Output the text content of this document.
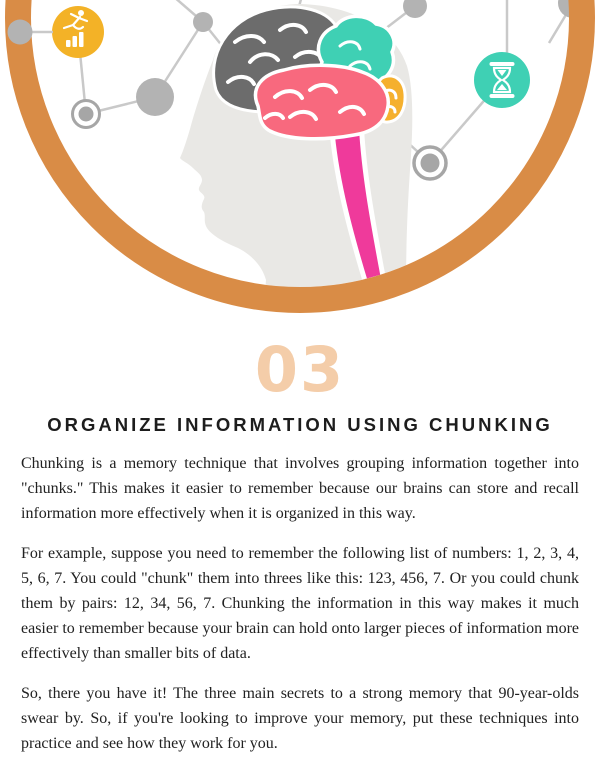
03
ORGANIZE INFORMATION USING CHUNKING

Chunking is a memory technique that involves grouping information together into "chunks." This makes it easier to remember because our brains can store and recall information more effectively when it is organized in this way.

For example, suppose you need to remember the following list of numbers: 1, 2, 3, 4, 5, 6, 7. You could "chunk" them into threes like this: 123, 456, 7. Or you could chunk them by pairs: 12, 34, 56, 7. Chunking the information in this way makes it much easier to remember because your brain can hold onto larger pieces of information more effectively than smaller bits of data.

So, there you have it! The three main secrets to a strong memory that 90-year-olds swear by. So, if you're looking to improve your memory, put these techniques into practice and see how they work for you.
